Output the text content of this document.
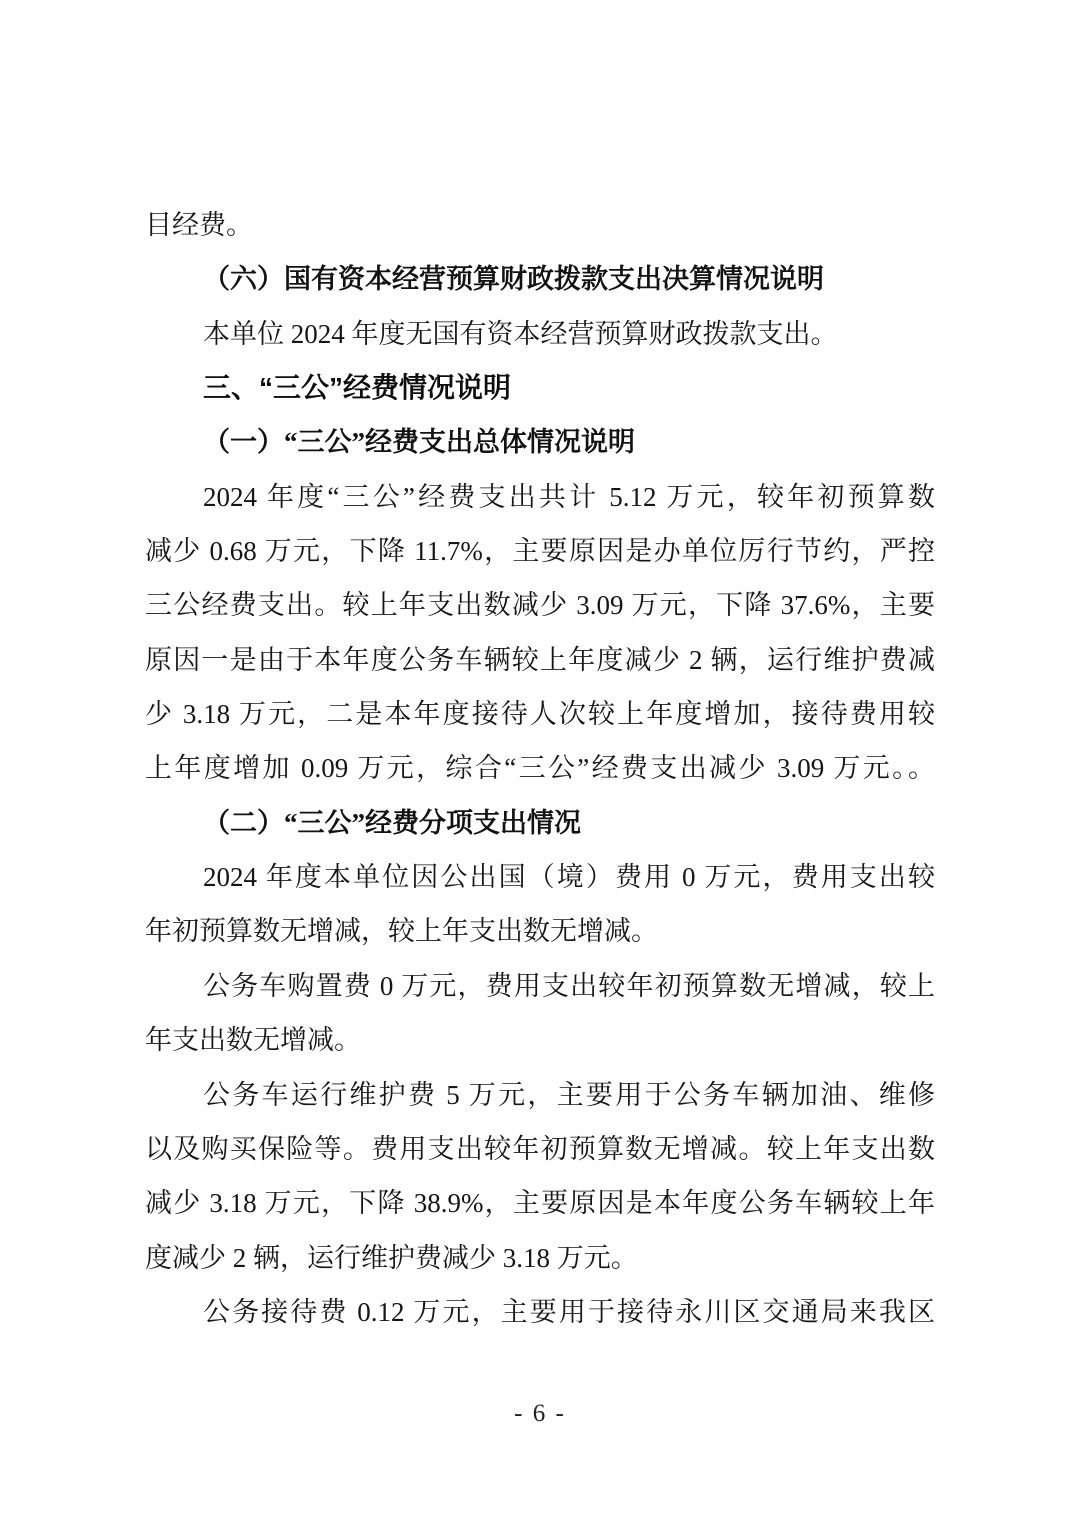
目经费。
（六）国有资本经营预算财政拨款支出决算情况说明
本单位 2024 年度无国有资本经营预算财政拨款支出。
三、“三公”经费情况说明
（一）“三公”经费支出总体情况说明
2024 年度“三公”经费支出共计 5.12 万元，较年初预算数
减少 0.68 万元，下降 11.7%，主要原因是办单位厉行节约，严控
三公经费支出。较上年支出数减少 3.09 万元，下降 37.6%，主要
原因一是由于本年度公务车辆较上年度减少 2 辆，运行维护费减
少 3.18 万元，二是本年度接待人次较上年度增加，接待费用较
上年度增加 0.09 万元，综合“三公”经费支出减少 3.09 万元。。
（二）“三公”经费分项支出情况
2024 年度本单位因公出国（境）费用 0 万元，费用支出较
年初预算数无增减，较上年支出数无增减。
公务车购置费 0 万元，费用支出较年初预算数无增减，较上
年支出数无增减。
公务车运行维护费 5 万元，主要用于公务车辆加油、维修
以及购买保险等。费用支出较年初预算数无增减。较上年支出数
减少 3.18 万元，下降 38.9%，主要原因是本年度公务车辆较上年
度减少 2 辆，运行维护费减少 3.18 万元。
公务接待费 0.12 万元，主要用于接待永川区交通局来我区
- 6 -
